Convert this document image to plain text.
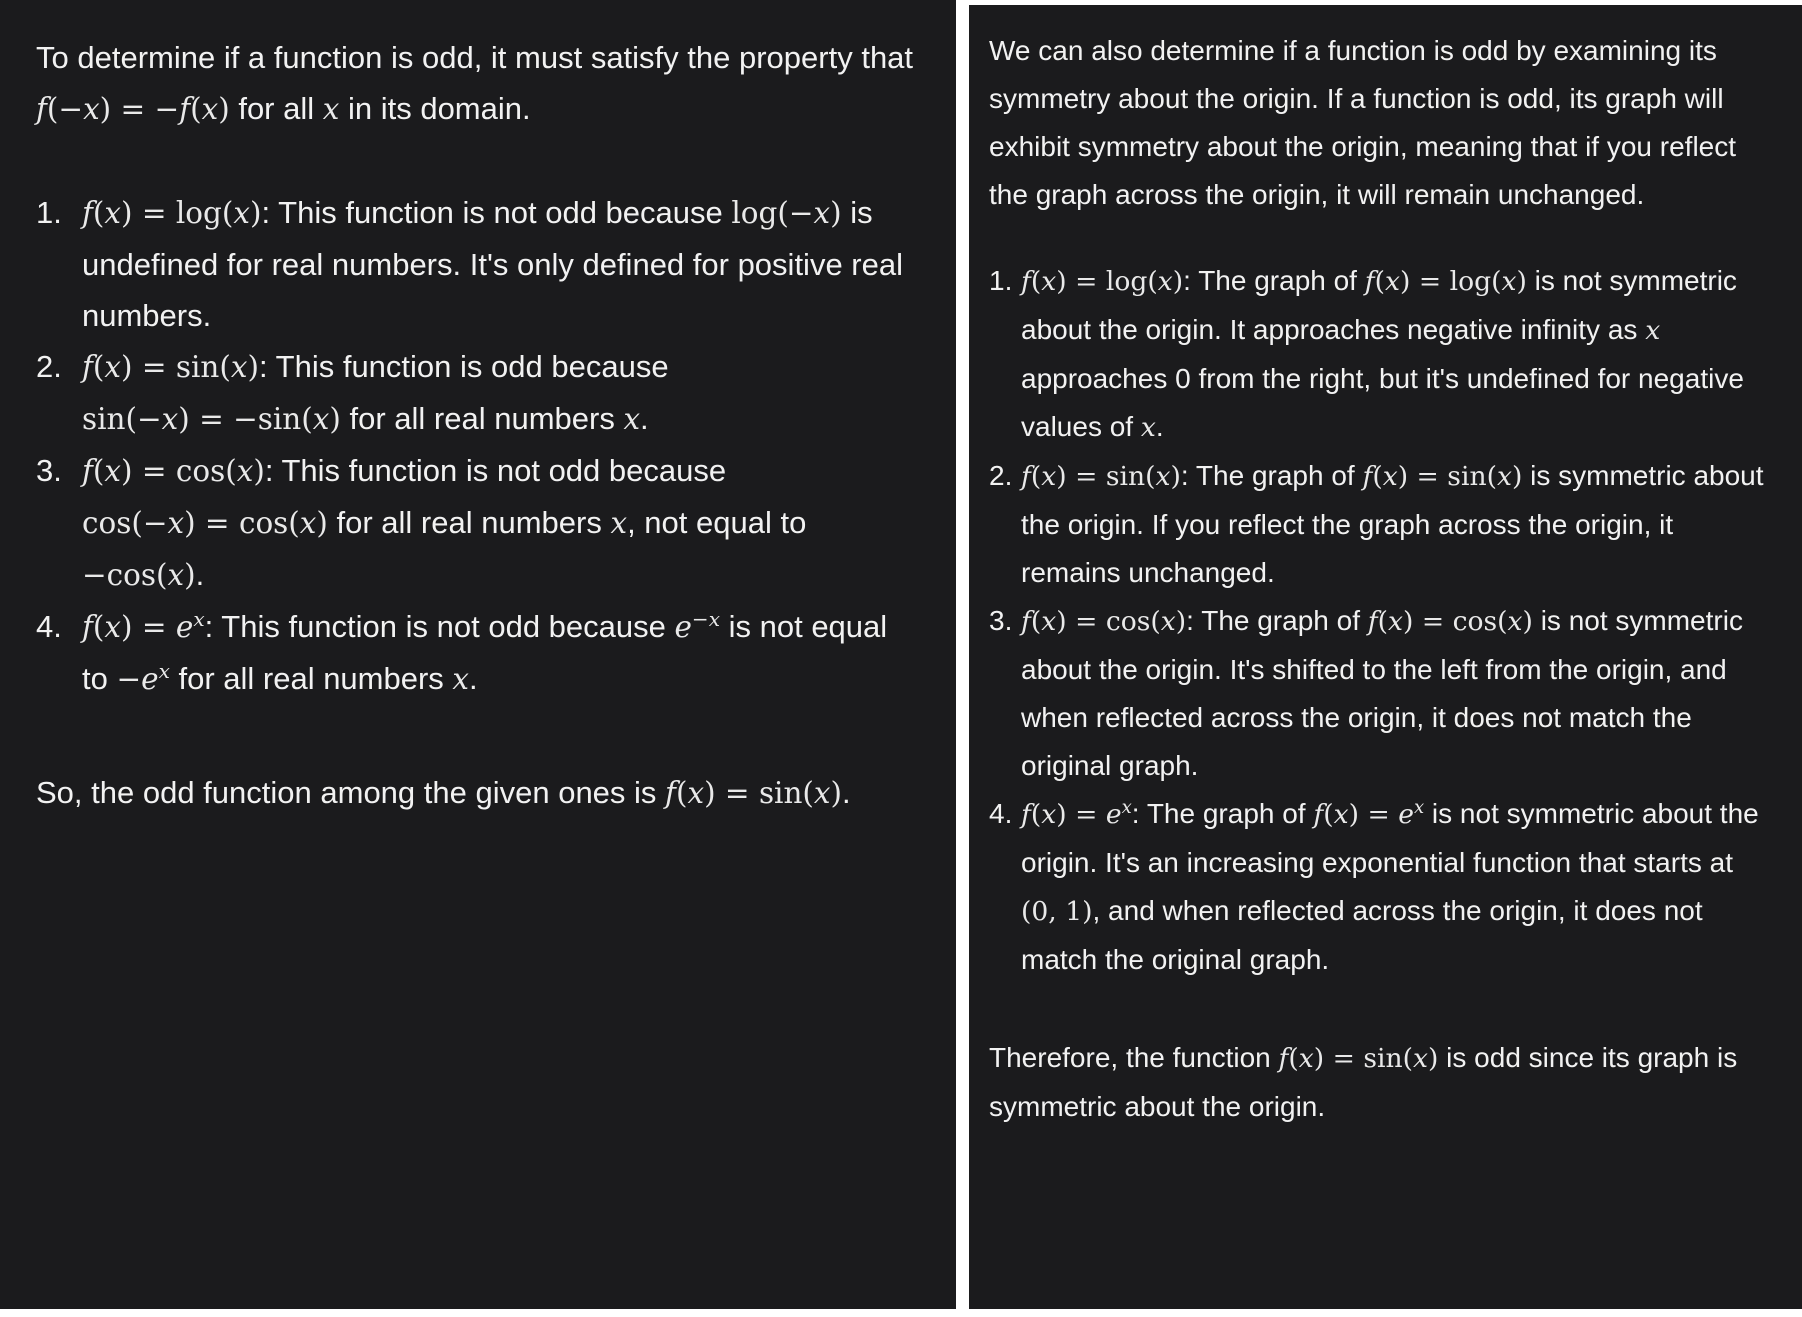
To determine if a function is odd, it must satisfy the property that f(−x) = −f(x) for all x in its domain.

1. f(x) = log(x): This function is not odd because log(−x) is undefined for real numbers. It's only defined for positive real numbers.
2. f(x) = sin(x): This function is odd because sin(−x) = −sin(x) for all real numbers x.
3. f(x) = cos(x): This function is not odd because cos(−x) = cos(x) for all real numbers x, not equal to −cos(x).
4. $f(x) = e^x$: This function is not odd because $e^{-x}$ is not equal to $-e^x$ for all real numbers x.

So, the odd function among the given ones is f(x) = sin(x).

We can also determine if a function is odd by examining its symmetry about the origin. If a function is odd, its graph will exhibit symmetry about the origin, meaning that if you reflect the graph across the origin, it will remain unchanged.

1. f(x) = log(x): The graph of f(x) = log(x) is not symmetric about the origin. It approaches negative infinity as x approaches 0 from the right, but it's undefined for negative values of x.
2. f(x) = sin(x): The graph of f(x) = sin(x) is symmetric about the origin. If you reflect the graph across the origin, it remains unchanged.
3. f(x) = cos(x): The graph of f(x) = cos(x) is not symmetric about the origin. It's shifted to the left from the origin, and when reflected across the origin, it does not match the original graph.
4. $f(x) = e^x$: The graph of $f(x) = e^x$ is not symmetric about the origin. It's an increasing exponential function that starts at (0, 1), and when reflected across the origin, it does not match the original graph.

Therefore, the function f(x) = sin(x) is odd since its graph is symmetric about the origin.
